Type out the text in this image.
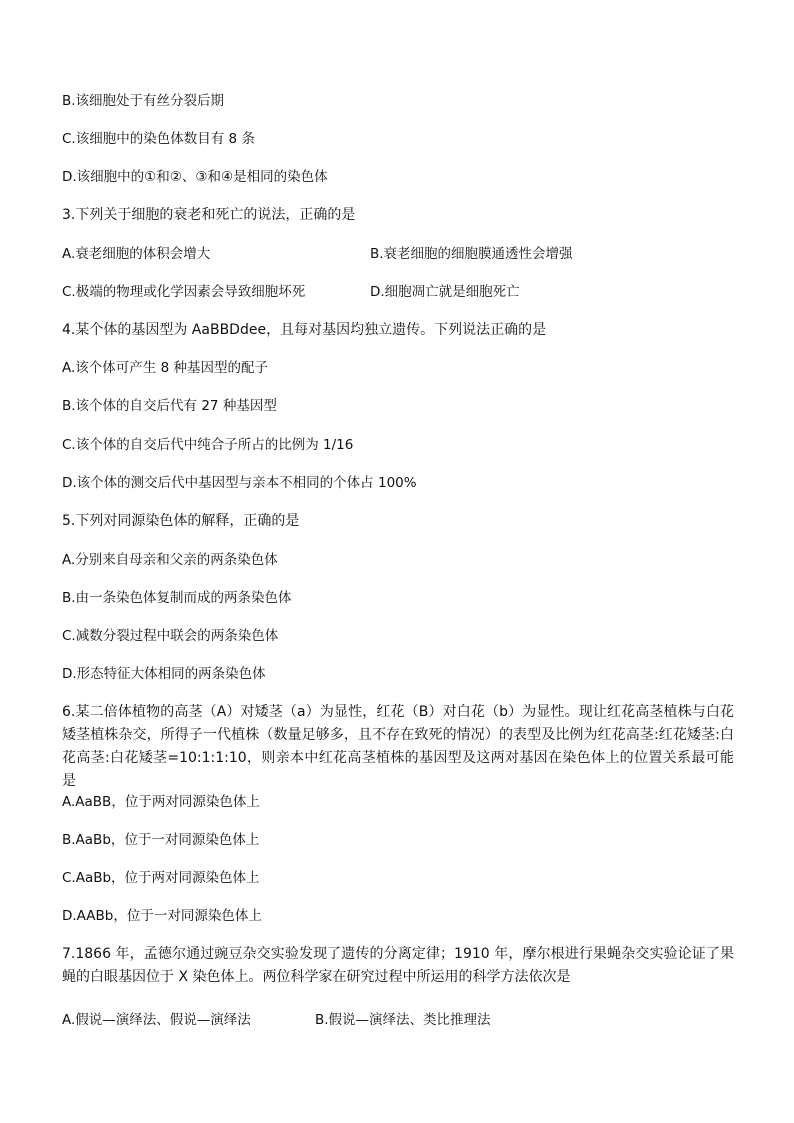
B.该细胞处于有丝分裂后期
C.该细胞中的染色体数目有 8 条
D.该细胞中的①和②、③和④是相同的染色体
3.下列关于细胞的衰老和死亡的说法，正确的是
A.衰老细胞的体积会增大	B.衰老细胞的细胞膜通透性会增强
C.极端的物理或化学因素会导致细胞坏死	D.细胞凋亡就是细胞死亡
4.某个体的基因型为 AaBBDdee，且每对基因均独立遗传。下列说法正确的是
A.该个体可产生 8 种基因型的配子
B.该个体的自交后代有 27 种基因型
C.该个体的自交后代中纯合子所占的比例为 1/16
D.该个体的测交后代中基因型与亲本不相同的个体占 100%
5.下列对同源染色体的解释，正确的是
A.分别来自母亲和父亲的两条染色体
B.由一条染色体复制而成的两条染色体
C.减数分裂过程中联会的两条染色体
D.形态特征大体相同的两条染色体
6.某二倍体植物的高茎（A）对矮茎（a）为显性，红花（B）对白花（b）为显性。现让红花高茎植株与白花矮茎植株杂交，所得子一代植株（数量足够多，且不存在致死的情况）的表型及比例为红花高茎:红花矮茎:白花高茎:白花矮茎=10:1:1:10，则亲本中红花高茎植株的基因型及这两对基因在染色体上的位置关系最可能是
A.AaBB，位于两对同源染色体上
B.AaBb，位于一对同源染色体上
C.AaBb，位于两对同源染色体上
D.AABb，位于一对同源染色体上
7.1866 年，孟德尔通过豌豆杂交实验发现了遗传的分离定律；1910 年，摩尔根进行果蝇杂交实验论证了果蝇的白眼基因位于 X 染色体上。两位科学家在研究过程中所运用的科学方法依次是
A.假说—演绎法、假说—演绎法	B.假说—演绎法、类比推理法
